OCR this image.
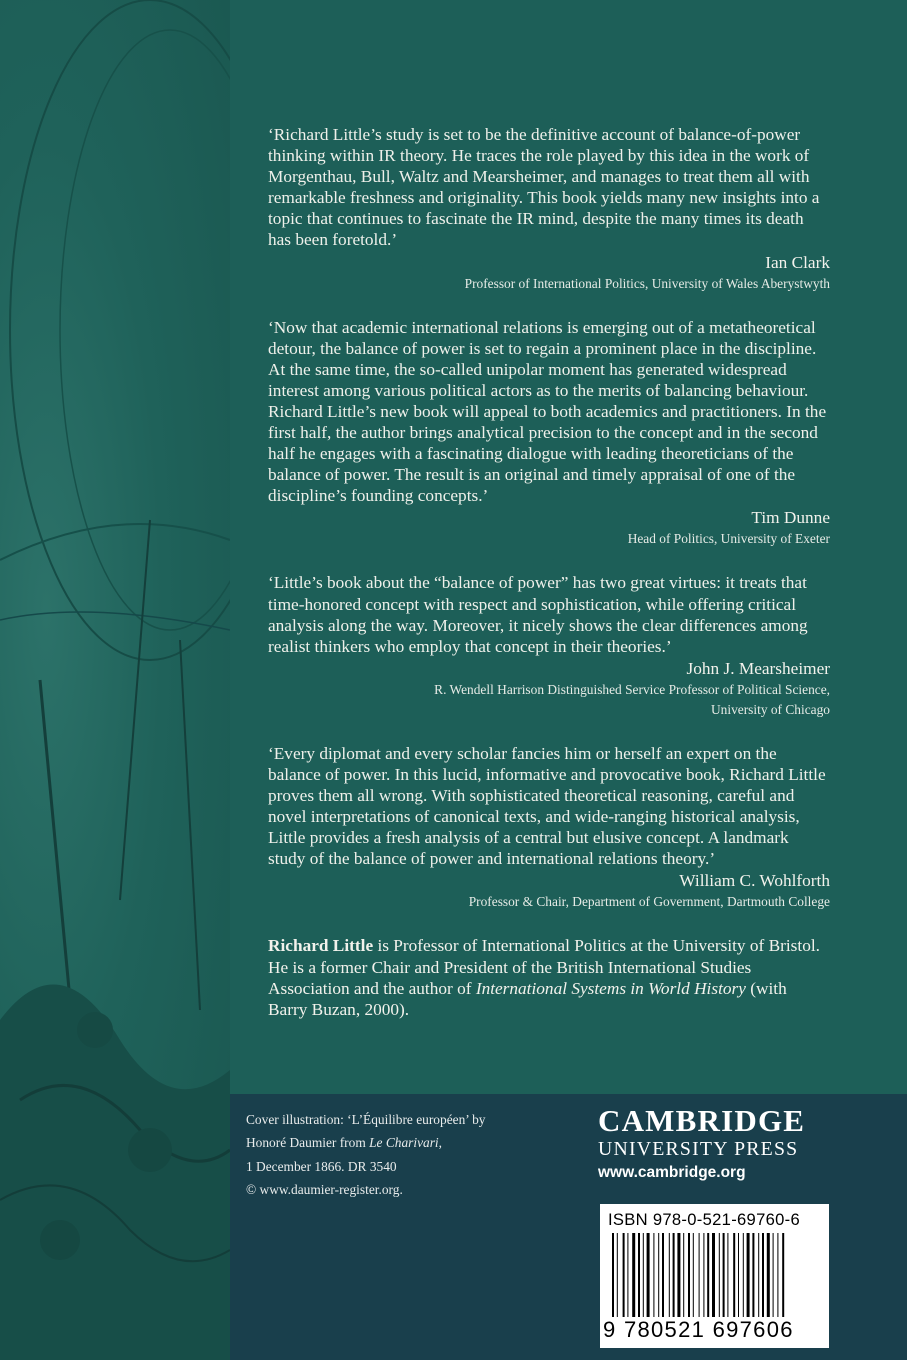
‘Richard Little’s study is set to be the definitive account of balance-of-power thinking within IR theory. He traces the role played by this idea in the work of Morgenthau, Bull, Waltz and Mearsheimer, and manages to treat them all with remarkable freshness and originality. This book yields many new insights into a topic that continues to fascinate the IR mind, despite the many times its death has been foretold.’

Ian Clark
Professor of International Politics, University of Wales Aberystwyth

‘Now that academic international relations is emerging out of a metatheoretical detour, the balance of power is set to regain a prominent place in the discipline. At the same time, the so-called unipolar moment has generated widespread interest among various political actors as to the merits of balancing behaviour. Richard Little’s new book will appeal to both academics and practitioners. In the first half, the author brings analytical precision to the concept and in the second half he engages with a fascinating dialogue with leading theoreticians of the balance of power. The result is an original and timely appraisal of one of the discipline’s founding concepts.’

Tim Dunne
Head of Politics, University of Exeter

‘Little’s book about the “balance of power” has two great virtues: it treats that time-honored concept with respect and sophistication, while offering critical analysis along the way. Moreover, it nicely shows the clear differences among realist thinkers who employ that concept in their theories.’

John J. Mearsheimer
R. Wendell Harrison Distinguished Service Professor of Political Science,
University of Chicago

‘Every diplomat and every scholar fancies him or herself an expert on the balance of power. In this lucid, informative and provocative book, Richard Little proves them all wrong. With sophisticated theoretical reasoning, careful and novel interpretations of canonical texts, and wide-ranging historical analysis, Little provides a fresh analysis of a central but elusive concept. A landmark study of the balance of power and international relations theory.’

William C. Wohlforth
Professor & Chair, Department of Government, Dartmouth College

Richard Little is Professor of International Politics at the University of Bristol. He is a former Chair and President of the British International Studies Association and the author of International Systems in World History (with Barry Buzan, 2000).

Cover illustration: ‘L’Équilibre européen’ by
Honoré Daumier from Le Charivari,
1 December 1866. DR 3540
© www.daumier-register.org.
CAMBRIDGE
UNIVERSITY PRESS
www.cambridge.org
ISBN 978-0-521-69760-6
9 780521 697606
